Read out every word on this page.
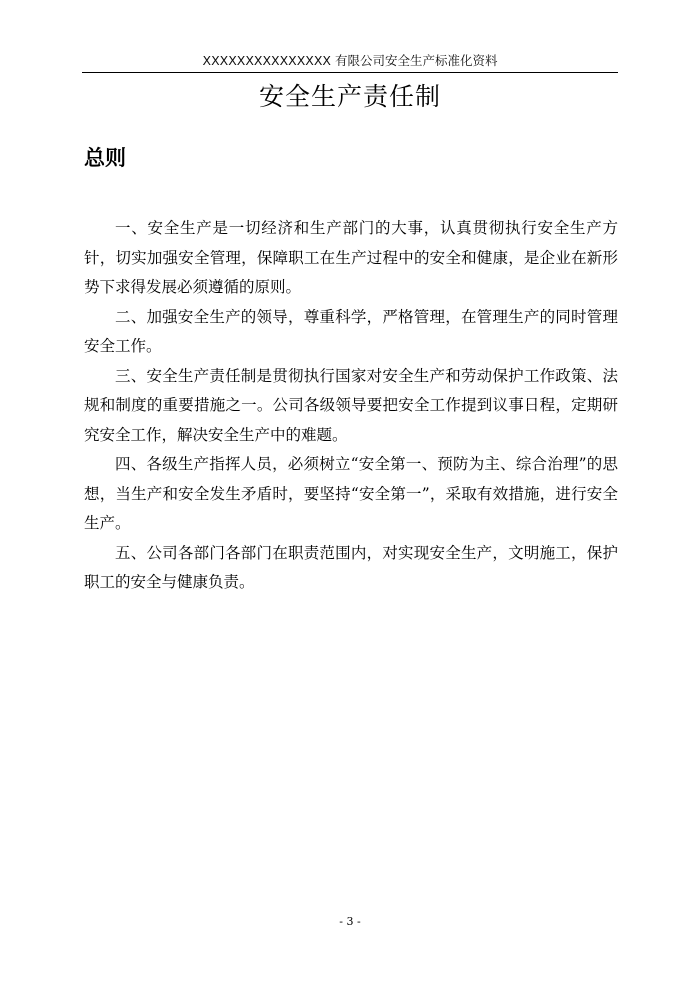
XXXXXXXXXXXXXXX 有限公司安全生产标准化资料
安全生产责任制
总则

一、安全生产是一切经济和生产部门的大事，认真贯彻执行安全生产方针，切实加强安全管理，保障职工在生产过程中的安全和健康，是企业在新形势下求得发展必须遵循的原则。

二、加强安全生产的领导，尊重科学，严格管理，在管理生产的同时管理安全工作。

三、安全生产责任制是贯彻执行国家对安全生产和劳动保护工作政策、法规和制度的重要措施之一。公司各级领导要把安全工作提到议事日程，定期研究安全工作，解决安全生产中的难题。

四、各级生产指挥人员，必须树立“安全第一、预防为主、综合治理”的思想，当生产和安全发生矛盾时，要坚持“安全第一”，采取有效措施，进行安全生产。

五、公司各部门各部门在职责范围内，对实现安全生产，文明施工，保护职工的安全与健康负责。

- 3 -
